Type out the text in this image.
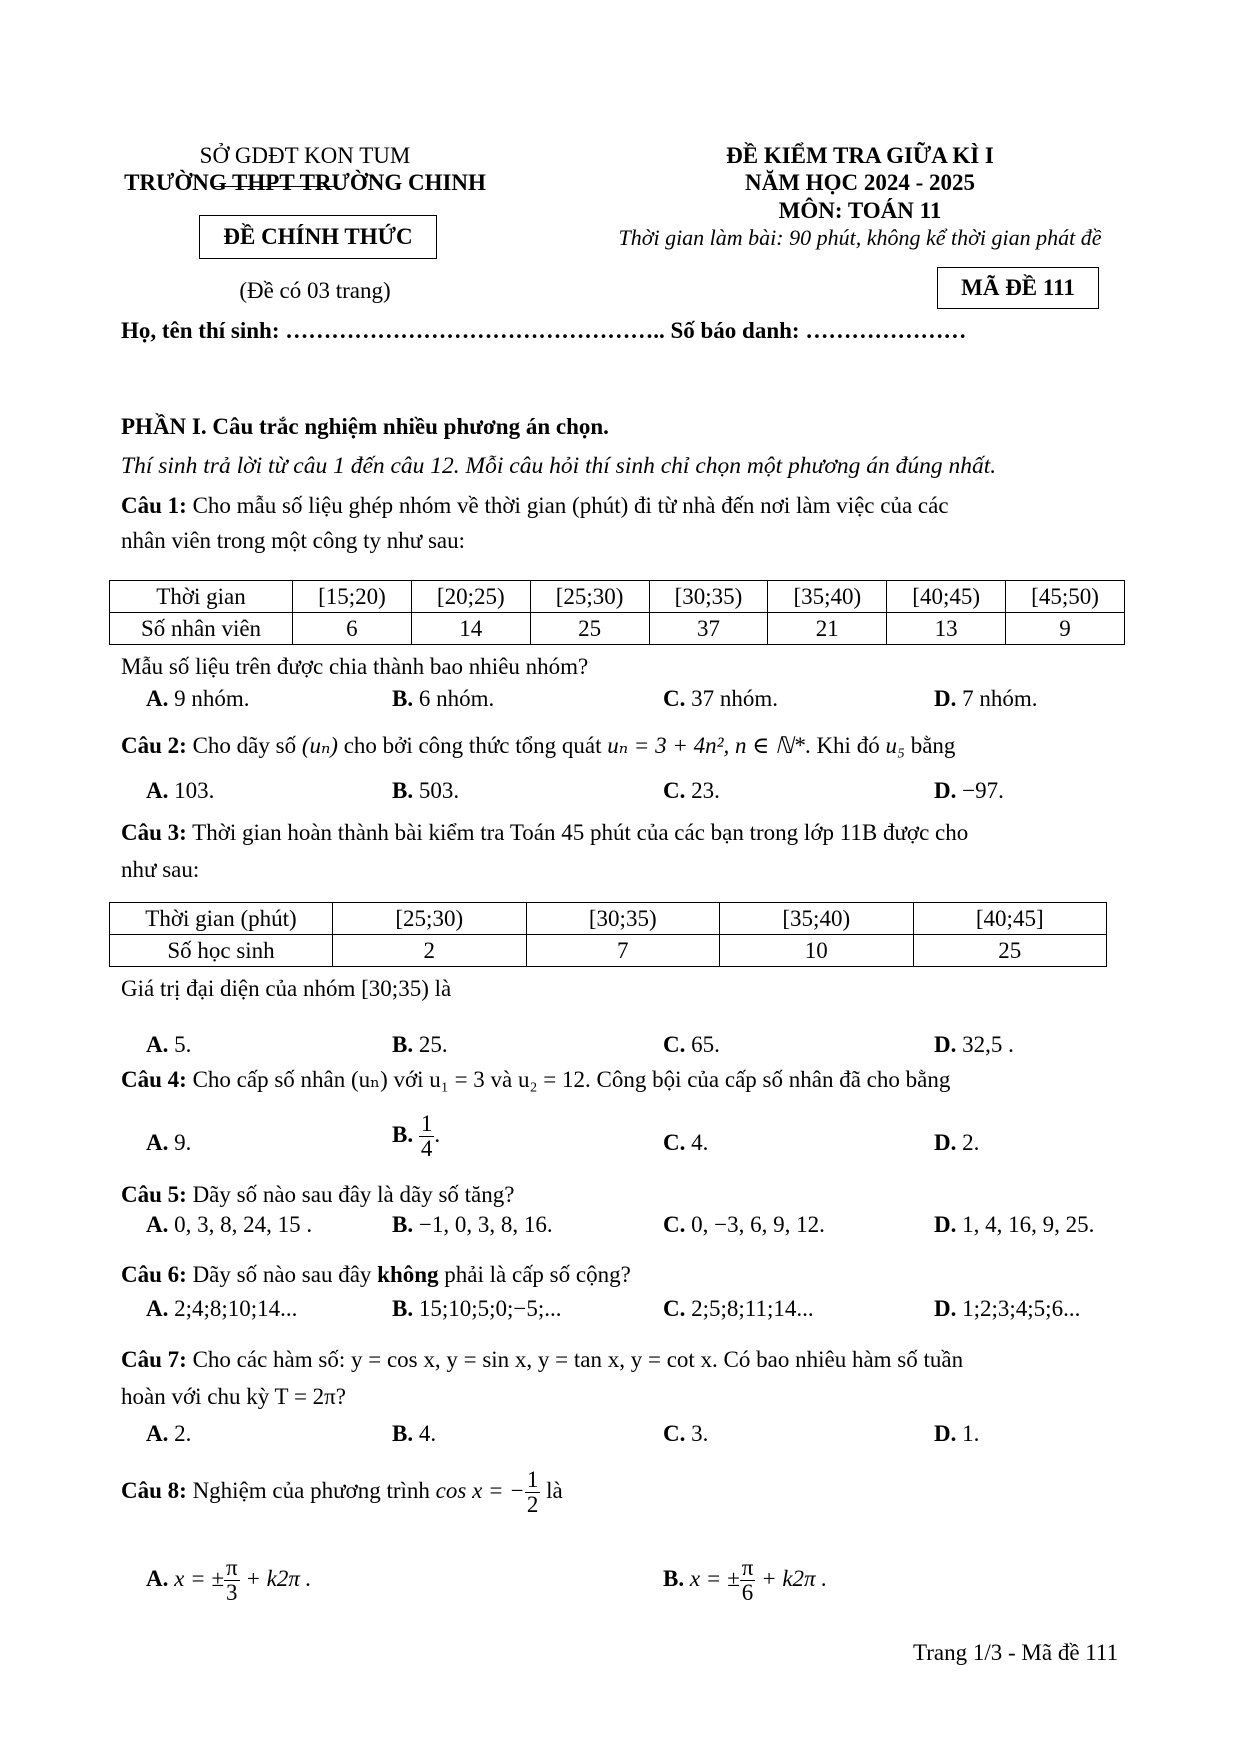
SỞ GDĐT KON TUM
TRƯỜNG THPT TRƯỜNG CHINH
ĐỀ CHÍNH THỨC
(Đề có 03 trang)
ĐỀ KIỂM TRA GIỮA KÌ I
NĂM HỌC 2024 - 2025
MÔN: TOÁN 11
Thời gian làm bài: 90 phút, không kể thời gian phát đề
MÃ ĐỀ 111
Họ, tên thí sinh: ………………………………………….. Số báo danh: …………………
PHẦN I. Câu trắc nghiệm nhiều phương án chọn.
Thí sinh trả lời từ câu 1 đến câu 12. Mỗi câu hỏi thí sinh chỉ chọn một phương án đúng nhất.
Câu 1: Cho mẫu số liệu ghép nhóm về thời gian (phút) đi từ nhà đến nơi làm việc của các
nhân viên trong một công ty như sau:
Thời gian	[15;20)	[20;25)	[25;30)	[30;35)	[35;40)	[40;45)	[45;50)
Số nhân viên	6	14	25	37	21	13	9
Mẫu số liệu trên được chia thành bao nhiêu nhóm?
A. 9 nhóm.	B. 6 nhóm.	C. 37 nhóm.	D. 7 nhóm.
Câu 2: Cho dãy số (uₙ) cho bởi công thức tổng quát uₙ = 3 + 4n², n ∈ ℕ*. Khi đó u₅ bằng
A. 103.	B. 503.	C. 23.	D. −97.
Câu 3: Thời gian hoàn thành bài kiểm tra Toán 45 phút của các bạn trong lớp 11B được cho
như sau:
Thời gian (phút)	[25;30)	[30;35)	[35;40)	[40;45]
Số học sinh	2	7	10	25
Giá trị đại diện của nhóm [30;35) là
A. 5.	B. 25.	C. 65.	D. 32,5 .
Câu 4: Cho cấp số nhân (uₙ) với u₁ = 3 và u₂ = 12. Công bội của cấp số nhân đã cho bằng
A. 9.	B. $\frac{1}{4}$ .	C. 4.	D. 2.
Câu 5: Dãy số nào sau đây là dãy số tăng?
A. 0, 3, 8, 24, 15 .	B. −1, 0, 3, 8, 16.	C. 0, −3, 6, 9, 12.	D. 1, 4, 16, 9, 25.
Câu 6: Dãy số nào sau đây không phải là cấp số cộng?
A. 2;4;8;10;14...	B. 15;10;5;0;−5;...	C. 2;5;8;11;14...	D. 1;2;3;4;5;6...
Câu 7: Cho các hàm số: y = cos x, y = sin x, y = tan x, y = cot x. Có bao nhiêu hàm số tuần
hoàn với chu kỳ T = 2π?
A. 2.	B. 4.	C. 3.	D. 1.
Câu 8: Nghiệm của phương trình cos x = − $\frac{1}{2}$ là
A. x = ± $\frac{\pi}{3} + k2\pi$ .	B. x = ± $\frac{\pi}{6} + k2\pi$ .
Trang 1/3 - Mã đề 111
